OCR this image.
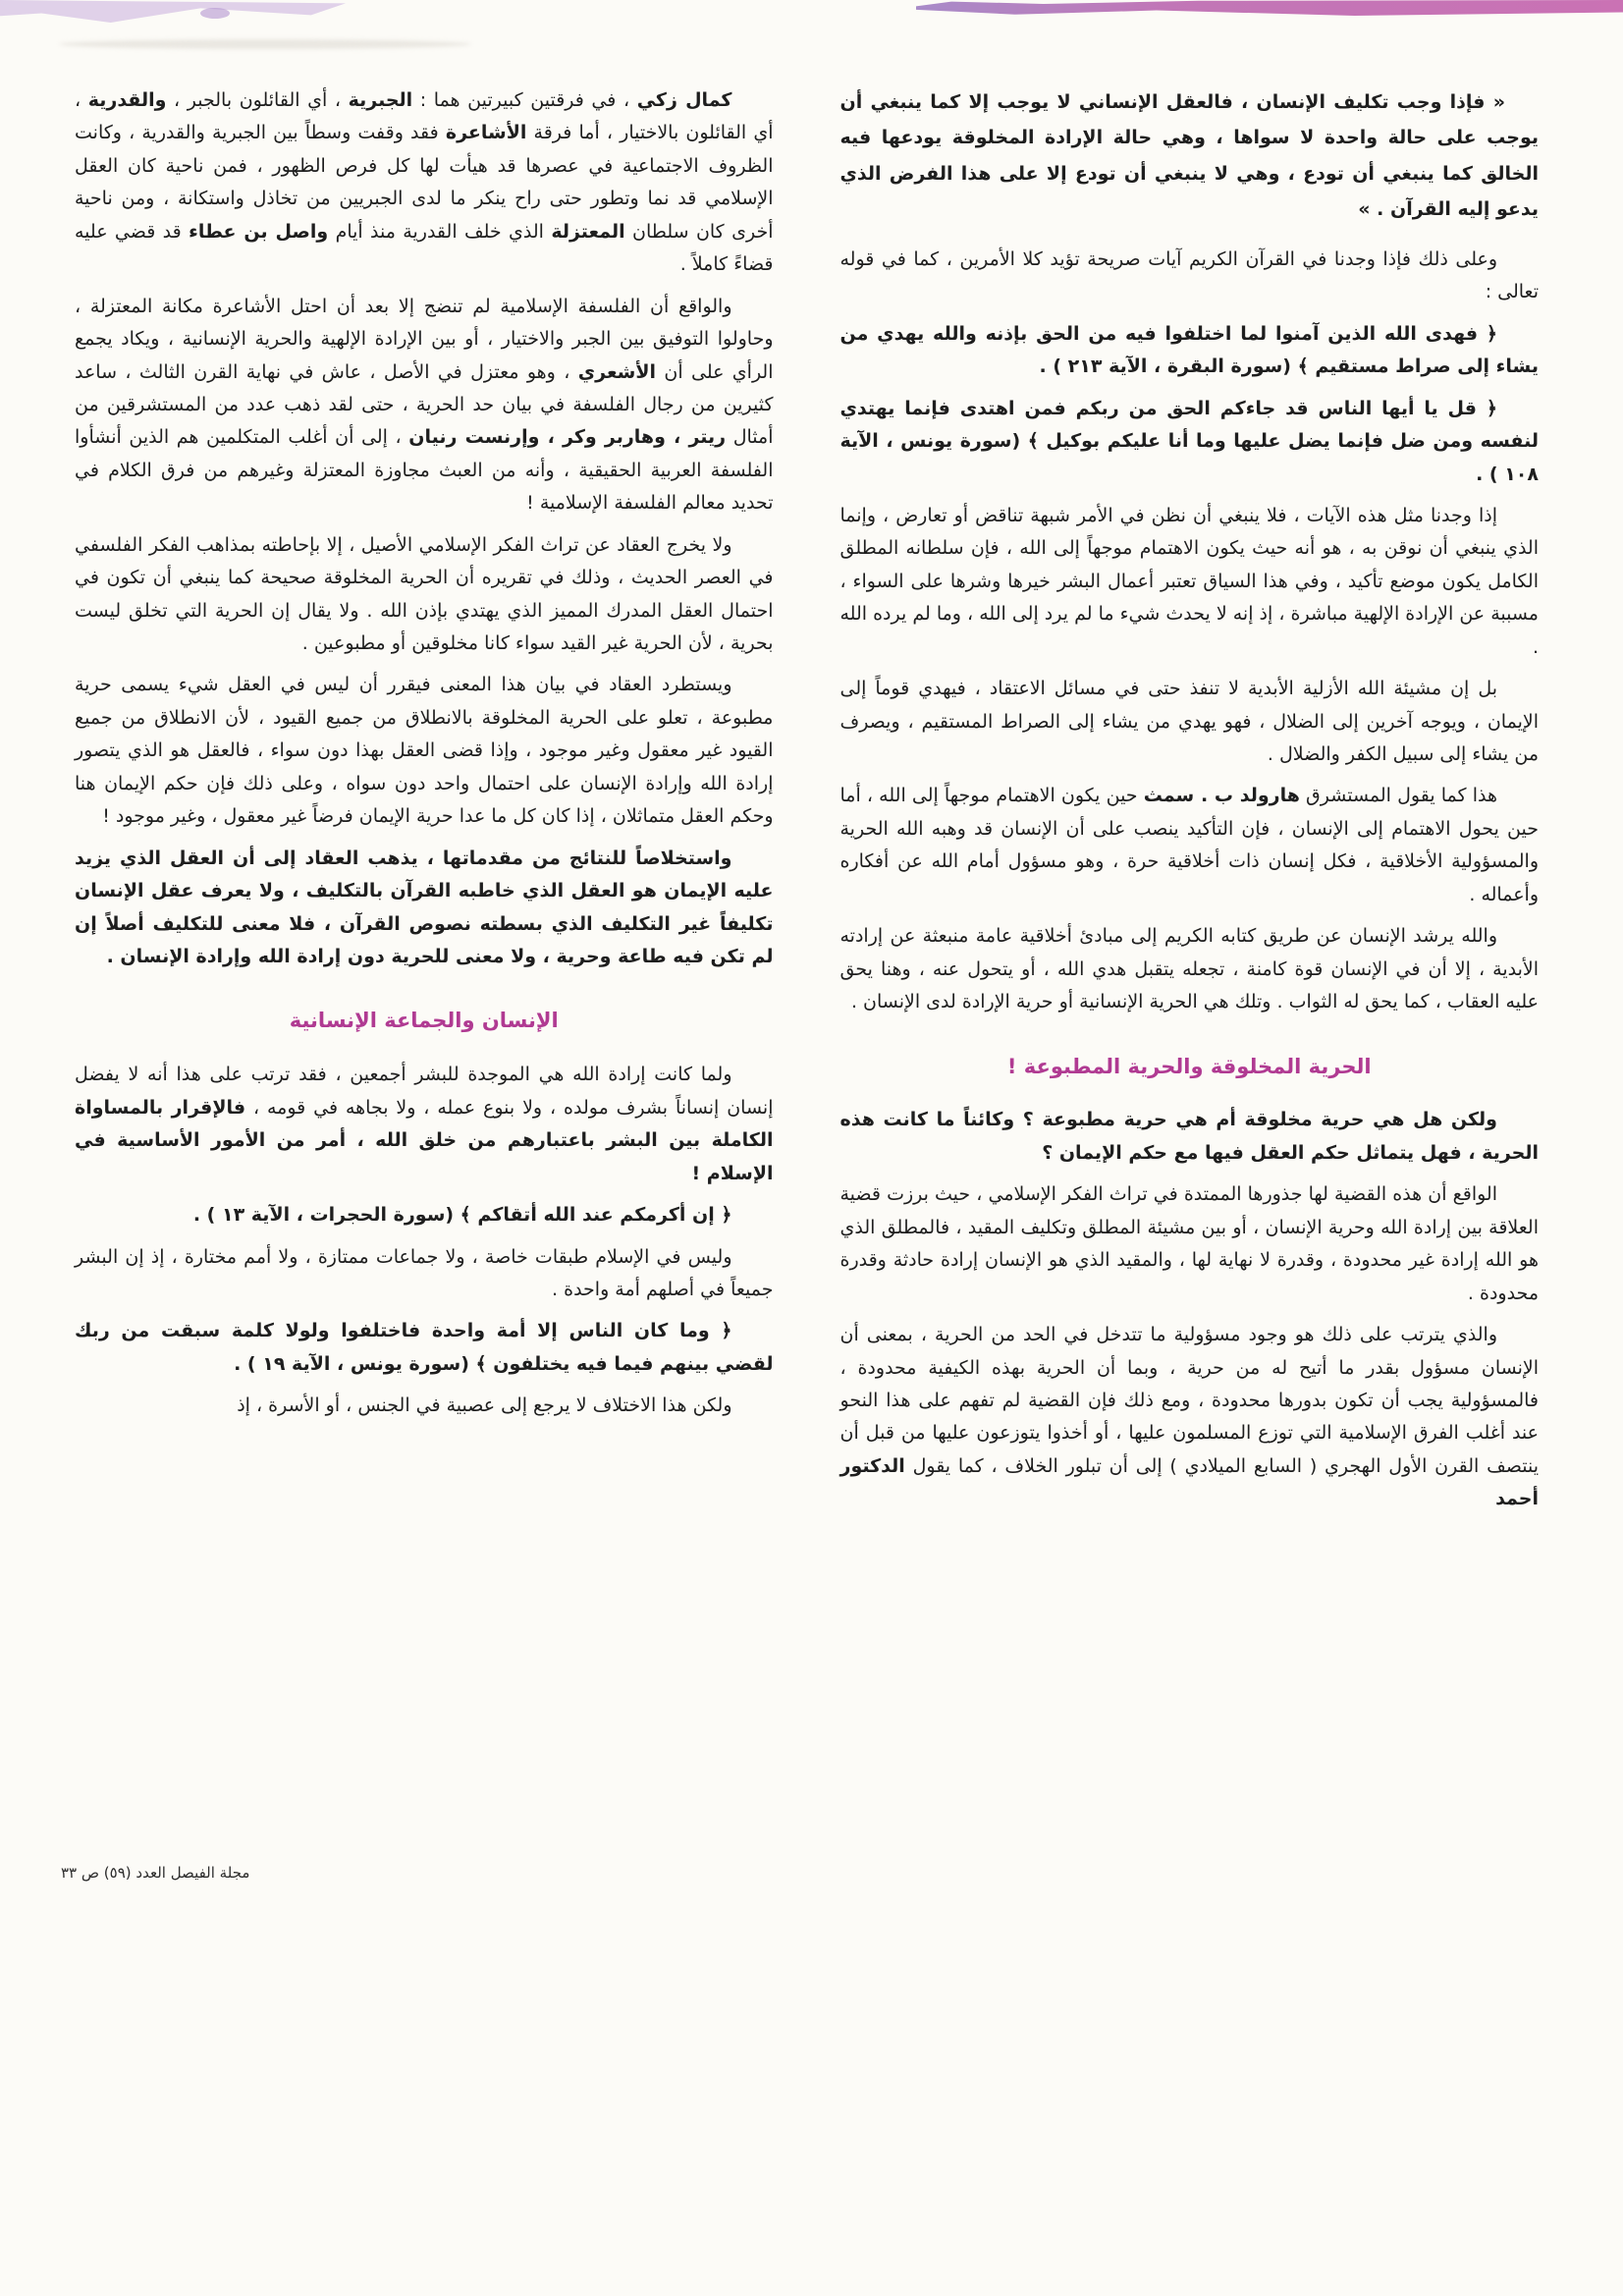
« فإذا وجب تكليف الإنسان ، فالعقل الإنساني لا يوجب إلا كما ينبغي أن يوجب على حالة واحدة لا سواها ، وهي حالة الإرادة المخلوقة يودعها فيه الخالق كما ينبغي أن تودع ، وهي لا ينبغي أن تودع إلا على هذا الفرض الذي يدعو إليه القرآن . »
وعلى ذلك فإذا وجدنا في القرآن الكريم آيات صريحة تؤيد كلا الأمرين ، كما في قوله تعالى :
﴿ فهدى الله الذين آمنوا لما اختلفوا فيه من الحق بإذنه والله يهدي من يشاء إلى صراط مستقيم ﴾ (سورة البقرة ، الآية ٢١٣ ) .
﴿ قل يا أيها الناس قد جاءكم الحق من ربكم فمن اهتدى فإنما يهتدي لنفسه ومن ضل فإنما يضل عليها وما أنا عليكم بوكيل ﴾ (سورة يونس ، الآية ١٠٨ ) .
إذا وجدنا مثل هذه الآيات ، فلا ينبغي أن نظن في الأمر شبهة تناقض أو تعارض ، وإنما الذي ينبغي أن نوقن به ، هو أنه حيث يكون الاهتمام موجهاً إلى الله ، فإن سلطانه المطلق الكامل يكون موضع تأكيد ، وفي هذا السياق تعتبر أعمال البشر خيرها وشرها على السواء ، مسببة عن الإرادة الإلهية مباشرة ، إذ إنه لا يحدث شيء ما لم يرد إلى الله ، وما لم يرده الله .
بل إن مشيئة الله الأزلية الأبدية لا تنفذ حتى في مسائل الاعتقاد ، فيهدي قوماً إلى الإيمان ، ويوجه آخرين إلى الضلال ، فهو يهدي من يشاء إلى الصراط المستقيم ، ويصرف من يشاء إلى سبيل الكفر والضلال .
هذا كما يقول المستشرق هارولد ب . سمث حين يكون الاهتمام موجهاً إلى الله ، أما حين يحول الاهتمام إلى الإنسان ، فإن التأكيد ينصب على أن الإنسان قد وهبه الله الحرية والمسؤولية الأخلاقية ، فكل إنسان ذات أخلاقية حرة ، وهو مسؤول أمام الله عن أفكاره وأعماله .
والله يرشد الإنسان عن طريق كتابه الكريم إلى مبادئ أخلاقية عامة منبعثة عن إرادته الأبدية ، إلا أن في الإنسان قوة كامنة ، تجعله يتقبل هدي الله ، أو يتحول عنه ، وهنا يحق عليه العقاب ، كما يحق له الثواب . وتلك هي الحرية الإنسانية أو حرية الإرادة لدى الإنسان .
الحرية المخلوقة والحرية المطبوعة !
ولكن هل هي حرية مخلوقة أم هي حرية مطبوعة ؟ وكائناً ما كانت هذه الحرية ، فهل يتماثل حكم العقل فيها مع حكم الإيمان ؟
الواقع أن هذه القضية لها جذورها الممتدة في تراث الفكر الإسلامي ، حيث برزت قضية العلاقة بين إرادة الله وحرية الإنسان ، أو بين مشيئة المطلق وتكليف المقيد ، فالمطلق الذي هو الله إرادة غير محدودة ، وقدرة لا نهاية لها ، والمقيد الذي هو الإنسان إرادة حادثة وقدرة محدودة .
والذي يترتب على ذلك هو وجود مسؤولية ما تتدخل في الحد من الحرية ، بمعنى أن الإنسان مسؤول بقدر ما أتيح له من حرية ، وبما أن الحرية بهذه الكيفية محدودة ، فالمسؤولية يجب أن تكون بدورها محدودة ، ومع ذلك فإن القضية لم تفهم على هذا النحو عند أغلب الفرق الإسلامية التي توزع المسلمون عليها ، أو أخذوا يتوزعون عليها من قبل أن ينتصف القرن الأول الهجري ( السابع الميلادي ) إلى أن تبلور الخلاف ، كما يقول الدكتور أحمد
كمال زكي ، في فرقتين كبيرتين هما : الجبرية ، أي القائلون بالجبر ، والقدرية ، أي القائلون بالاختيار ، أما فرقة الأشاعرة فقد وقفت وسطاً بين الجبرية والقدرية ، وكانت الظروف الاجتماعية في عصرها قد هيأت لها كل فرص الظهور ، فمن ناحية كان العقل الإسلامي قد نما وتطور حتى راح ينكر ما لدى الجبريين من تخاذل واستكانة ، ومن ناحية أخرى كان سلطان المعتزلة الذي خلف القدرية منذ أيام واصل بن عطاء قد قضي عليه قضاءً كاملاً .
والواقع أن الفلسفة الإسلامية لم تنضج إلا بعد أن احتل الأشاعرة مكانة المعتزلة ، وحاولوا التوفيق بين الجبر والاختيار ، أو بين الإرادة الإلهية والحرية الإنسانية ، ويكاد يجمع الرأي على أن الأشعري ، وهو معتزل في الأصل ، عاش في نهاية القرن الثالث ، ساعد كثيرين من رجال الفلسفة في بيان حد الحرية ، حتى لقد ذهب عدد من المستشرقين من أمثال ريتر ، وهاربر وكر ، وإرنست رنيان ، إلى أن أغلب المتكلمين هم الذين أنشأوا الفلسفة العربية الحقيقية ، وأنه من العبث مجاوزة المعتزلة وغيرهم من فرق الكلام في تحديد معالم الفلسفة الإسلامية !
ولا يخرج العقاد عن تراث الفكر الإسلامي الأصيل ، إلا بإحاطته بمذاهب الفكر الفلسفي في العصر الحديث ، وذلك في تقريره أن الحرية المخلوقة صحيحة كما ينبغي أن تكون في احتمال العقل المدرك المميز الذي يهتدي بإذن الله . ولا يقال إن الحرية التي تخلق ليست بحرية ، لأن الحرية غير القيد سواء كانا مخلوقين أو مطبوعين .
ويستطرد العقاد في بيان هذا المعنى فيقرر أن ليس في العقل شيء يسمى حرية مطبوعة ، تعلو على الحرية المخلوقة بالانطلاق من جميع القيود ، لأن الانطلاق من جميع القيود غير معقول وغير موجود ، وإذا قضى العقل بهذا دون سواء ، فالعقل هو الذي يتصور إرادة الله وإرادة الإنسان على احتمال واحد دون سواه ، وعلى ذلك فإن حكم الإيمان هنا وحكم العقل متماثلان ، إذا كان كل ما عدا حرية الإيمان فرضاً غير معقول ، وغير موجود !
واستخلاصاً للنتائج من مقدماتها ، يذهب العقاد إلى أن العقل الذي يزيد عليه الإيمان هو العقل الذي خاطبه القرآن بالتكليف ، ولا يعرف عقل الإنسان تكليفاً غير التكليف الذي بسطته نصوص القرآن ، فلا معنى للتكليف أصلاً إن لم تكن فيه طاعة وحرية ، ولا معنى للحرية دون إرادة الله وإرادة الإنسان .
الإنسان والجماعة الإنسانية
ولما كانت إرادة الله هي الموجدة للبشر أجمعين ، فقد ترتب على هذا أنه لا يفضل إنسان إنساناً بشرف مولده ، ولا بنوع عمله ، ولا بجاهه في قومه ، فالإقرار بالمساواة الكاملة بين البشر باعتبارهم من خلق الله ، أمر من الأمور الأساسية في الإسلام !
﴿ إن أكرمكم عند الله أتقاكم ﴾ (سورة الحجرات ، الآية ١٣ ) .
وليس في الإسلام طبقات خاصة ، ولا جماعات ممتازة ، ولا أمم مختارة ، إذ إن البشر جميعاً في أصلهم أمة واحدة .
﴿ وما كان الناس إلا أمة واحدة فاختلفوا ولولا كلمة سبقت من ربك لقضي بينهم فيما فيه يختلفون ﴾ (سورة يونس ، الآية ١٩ ) .
ولكن هذا الاختلاف لا يرجع إلى عصبية في الجنس ، أو الأسرة ، إذ
مجلة الفيصل العدد (٥٩) ص ٣٣
